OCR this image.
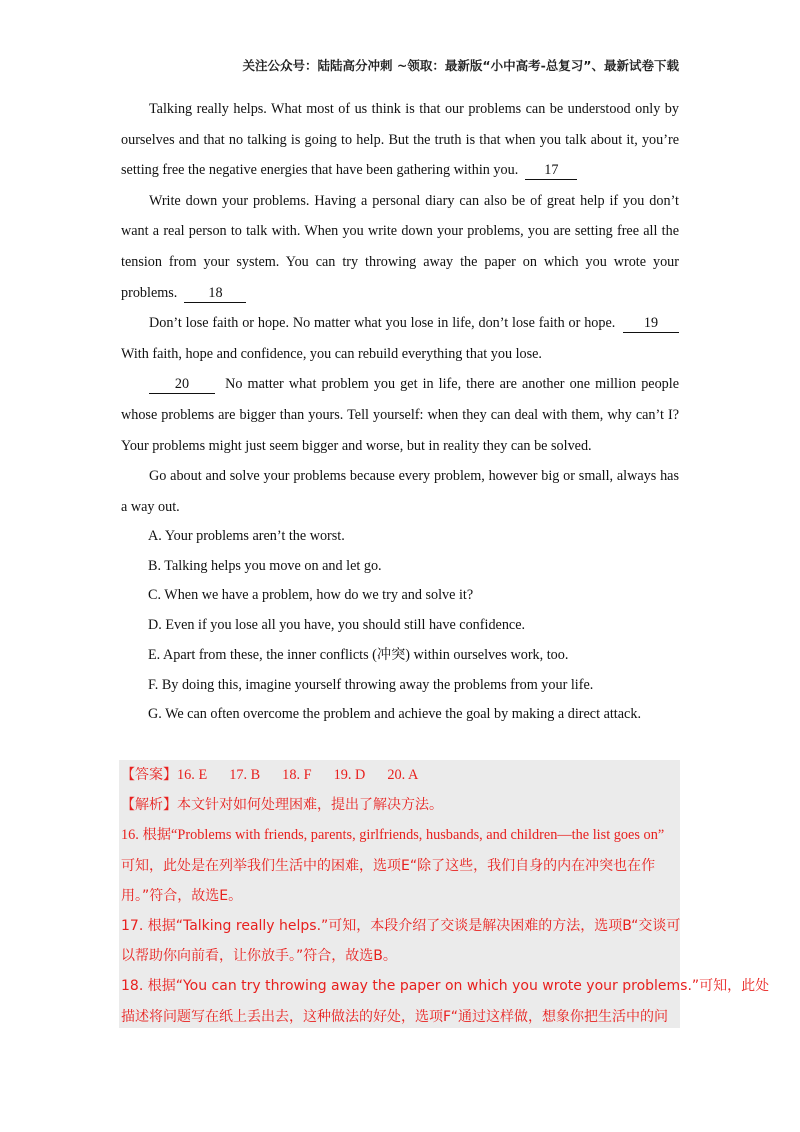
关注公众号：陆陆高分冲刺 ~领取：最新版“小中高考-总复习”、最新试卷下载

Talking really helps. What most of us think is that our problems can be understood only by ourselves and that no talking is going to help. But the truth is that when you talk about it, you’re setting free the negative energies that have been gathering within you. 17

Write down your problems. Having a personal diary can also be of great help if you don’t want a real person to talk with. When you write down your problems, you are setting free all the tension from your system. You can try throwing away the paper on which you wrote your problems. 18

Don’t lose faith or hope. No matter what you lose in life, don’t lose faith or hope. 19 With faith, hope and confidence, you can rebuild everything that you lose.

20	No matter what problem you get in life, there are another one million people whose problems are bigger than yours. Tell yourself: when they can deal with them, why can’t I? Your problems might just seem bigger and worse, but in reality they can be solved.

Go about and solve your problems because every problem, however big or small, always has a way out.

A. Your problems aren’t the worst.
B. Talking helps you move on and let go.
C. When we have a problem, how do we try and solve it?
D. Even if you lose all you have, you should still have confidence.
E. Apart from these, the inner conflicts (冲突) within ourselves work, too.
F. By doing this, imagine yourself throwing away the problems from your life.
G. We can often overcome the problem and achieve the goal by making a direct attack.
【答案】16. E 17. B 18. F 19. D 20. A
【解析】本文针对如何处理困难，提出了解决方法。
16. 根据“Problems with friends, parents, girlfriends, husbands, and children—the list goes on”
可知，此处是在列举我们生活中的困难，选项E“除了这些，我们自身的内在冲突也在作
用。”符合，故选E。
17. 根据“Talking really helps.”可知，本段介绍了交谈是解决困难的方法，选项B“交谈可
以帮助你向前看，让你放手。”符合，故选B。
18. 根据“You can try throwing away the paper on which you wrote your problems.”可知，此处
描述将问题写在纸上丢出去，这种做法的好处，选项F“通过这样做，想象你把生活中的问
